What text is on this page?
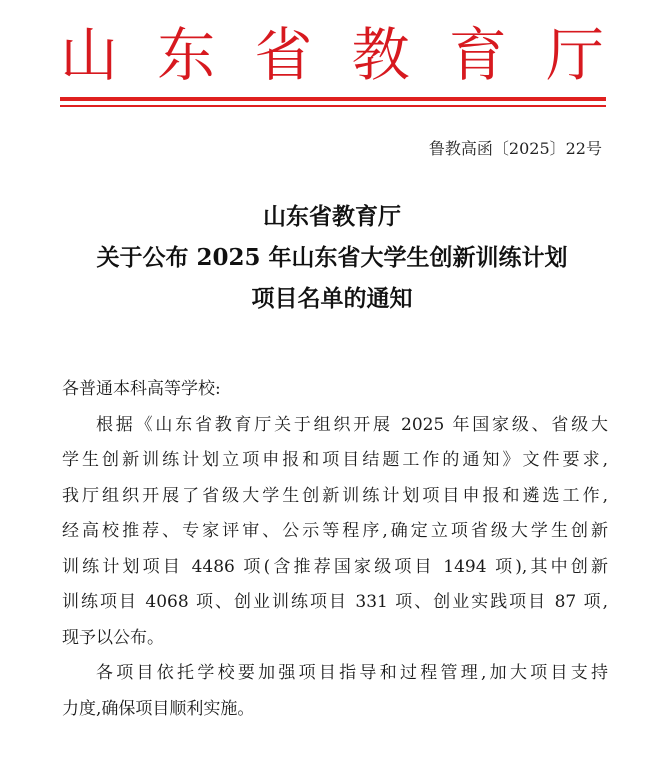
山 东 省 教 育 厅
鲁教高函〔2025〕22号
山东省教育厅
关于公布 2025 年山东省大学生创新训练计划
项目名单的通知
各普通本科高等学校:
根据《山东省教育厅关于组织开展 2025 年国家级、省级大
学生创新训练计划立项申报和项目结题工作的通知》文件要求,
我厅组织开展了省级大学生创新训练计划项目申报和遴选工作,
经高校推荐、专家评审、公示等程序,确定立项省级大学生创新
训练计划项目 4486 项(含推荐国家级项目 1494 项),其中创新
训练项目 4068 项、创业训练项目 331 项、创业实践项目 87 项,
现予以公布。
各项目依托学校要加强项目指导和过程管理,加大项目支持
力度,确保项目顺利实施。
